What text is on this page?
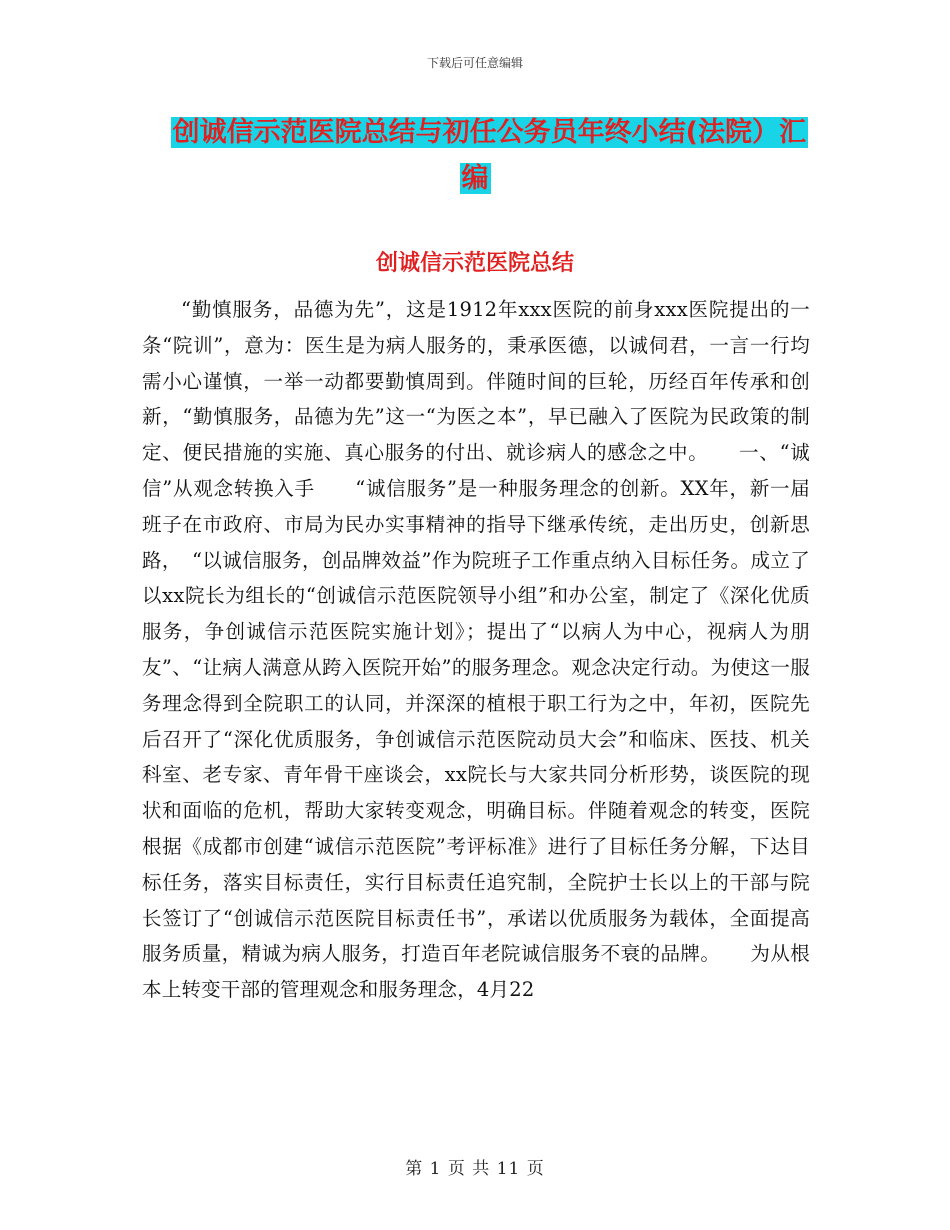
下载后可任意编辑
创诚信示范医院总结与初任公务员年终小结(法院）汇
编
创诚信示范医院总结

“勤慎服务，品德为先”，这是1912年xxx医院的前身xxx医院提出的一条“院训”，意为：医生是为病人服务的，秉承医德，以诚伺君，一言一行均需小心谨慎，一举一动都要勤慎周到。伴随时间的巨轮，历经百年传承和创新，“勤慎服务，品德为先”这一“为医之本”，早已融入了医院为民政策的制定、便民措施的实施、真心服务的付出、就诊病人的感念之中。　　一、“诚信”从观念转换入手　　“诚信服务”是一种服务理念的创新。XX年，新一届班子在市政府、市局为民办实事精神的指导下继承传统，走出历史，创新思路，　“以诚信服务，创品牌效益”作为院班子工作重点纳入目标任务。成立了以xx院长为组长的“创诚信示范医院领导小组”和办公室，制定了《深化优质服务，争创诚信示范医院实施计划》；提出了“以病人为中心，视病人为朋友”、“让病人满意从跨入医院开始”的服务理念。观念决定行动。为使这一服务理念得到全院职工的认同，并深深的植根于职工行为之中，年初，医院先后召开了“深化优质服务，争创诚信示范医院动员大会”和临床、医技、机关科室、老专家、青年骨干座谈会，xx院长与大家共同分析形势，谈医院的现状和面临的危机，帮助大家转变观念，明确目标。伴随着观念的转变，医院根据《成都市创建“诚信示范医院”考评标准》进行了目标任务分解，下达目标任务，落实目标责任，实行目标责任追究制，全院护士长以上的干部与院长签订了“创诚信示范医院目标责任书”，承诺以优质服务为载体，全面提高服务质量，精诚为病人服务，打造百年老院诚信服务不衰的品牌。　　为从根本上转变干部的管理观念和服务理念，4月22

第 1 页 共 11 页
